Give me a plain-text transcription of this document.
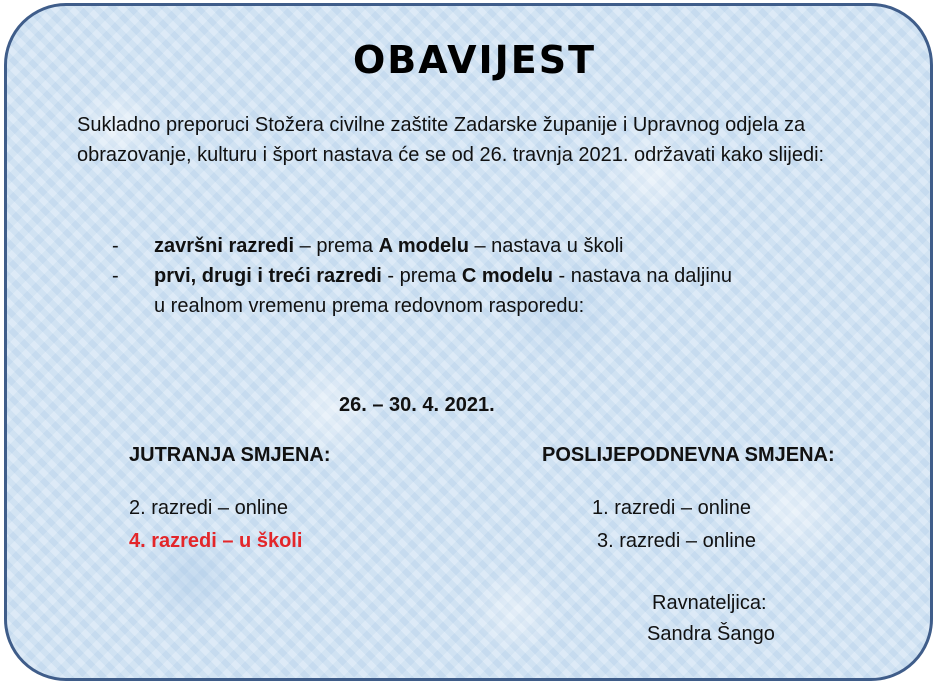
OBAVIJEST
Sukladno preporuci Stožera civilne zaštite Zadarske županije i Upravnog odjela za obrazovanje, kulturu i šport nastava će se od 26. travnja 2021. održavati kako slijedi:
- završni razredi – prema A modelu – nastava u školi
- prvi, drugi i treći razredi - prema C modelu - nastava na daljinu
u realnom vremenu prema redovnom rasporedu:
26. – 30. 4. 2021.
JUTRANJA SMJENA:
2. razredi – online
4. razredi – u školi
POSLIJEPODNEVNA SMJENA:
1. razredi – online
3. razredi – online
Ravnateljica:
Sandra Šango
